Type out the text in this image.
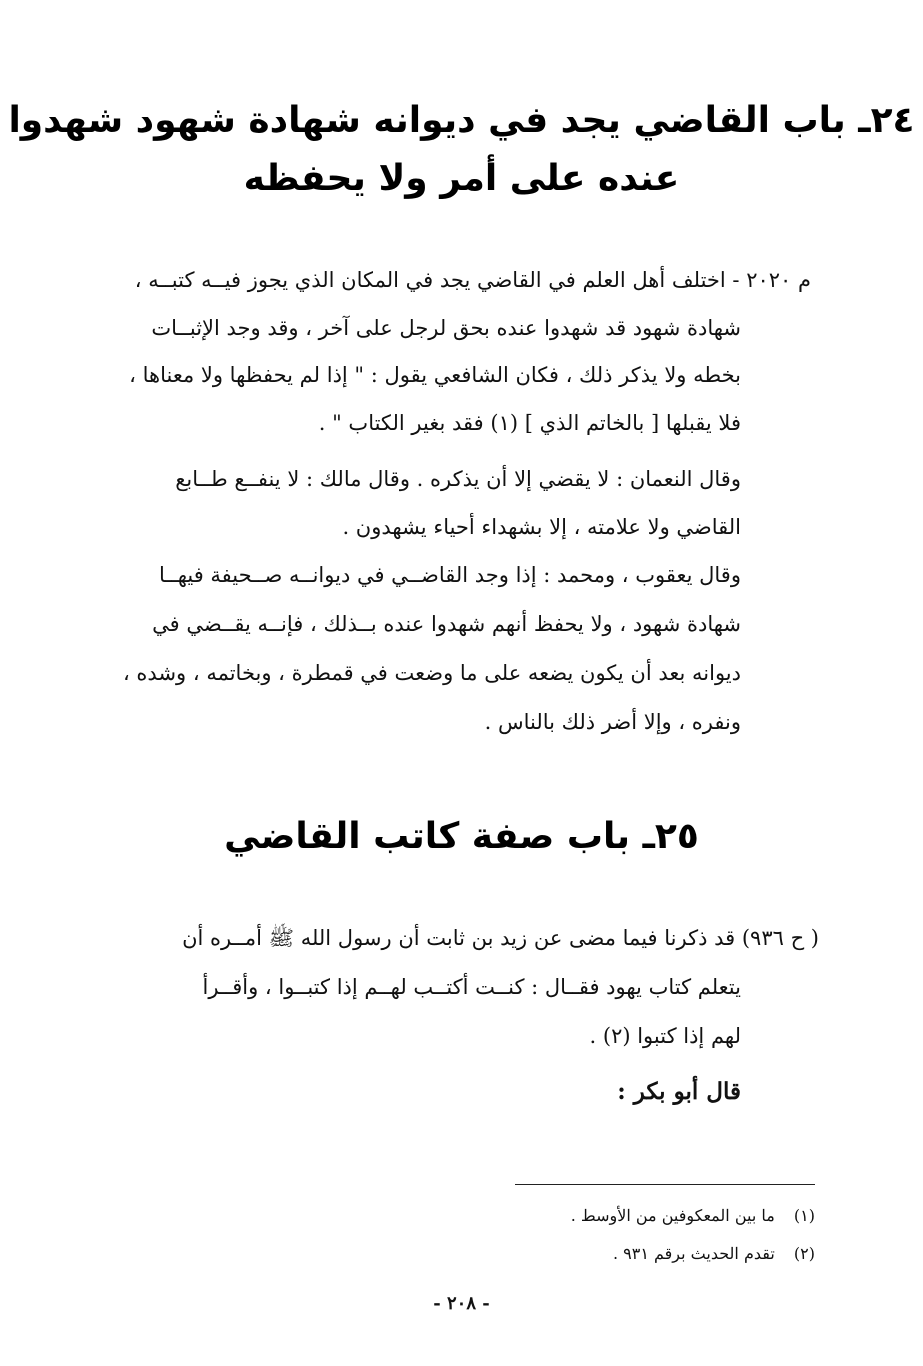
٢٤ـ باب القاضي يجد في ديوانه شهادة شهود شهدوا
عنده على أمر ولا يحفظه
م ٢٠٢٠ - اختلف أهل العلم في القاضي يجد في المكان الذي يجوز فيــه كتبــه ،
شهادة شهود قد شهدوا عنده بحق لرجل على آخر ، وقد وجد الإثبــات
بخطه ولا يذكر ذلك ، فكان الشافعي يقول : " إذا لم يحفظها ولا معناها ،
فلا يقبلها [ بالخاتم الذي ] (١) فقد بغير الكتاب " .
وقال النعمان : لا يقضي إلا أن يذكره . وقال مالك : لا ينفــع طــابع
القاضي ولا علامته ، إلا بشهداء أحياء يشهدون .
وقال يعقوب ، ومحمد : إذا وجد القاضــي في ديوانــه صــحيفة فيهــا
شهادة شهود ، ولا يحفظ أنهم شهدوا عنده بــذلك ، فإنــه يقــضي في
ديوانه بعد أن يكون يضعه على ما وضعت في قمطرة ، وبخاتمه ، وشده ،
ونفره ، وإلا أضر ذلك بالناس .
٢٥ـ باب صفة كاتب القاضي
( ح ٩٣٦) قد ذكرنا فيما مضى عن زيد بن ثابت أن رسول الله ﷺ أمــره أن
يتعلم كتاب يهود فقــال : كنــت أكتــب لهــم إذا كتبــوا ، وأقــرأ
لهم إذا كتبوا (٢) .
قال أبو بكر :
(١) ما بين المعكوفين من الأوسط .
(٢) تقدم الحديث برقم ٩٣١ .
- ٢٠٨ -
